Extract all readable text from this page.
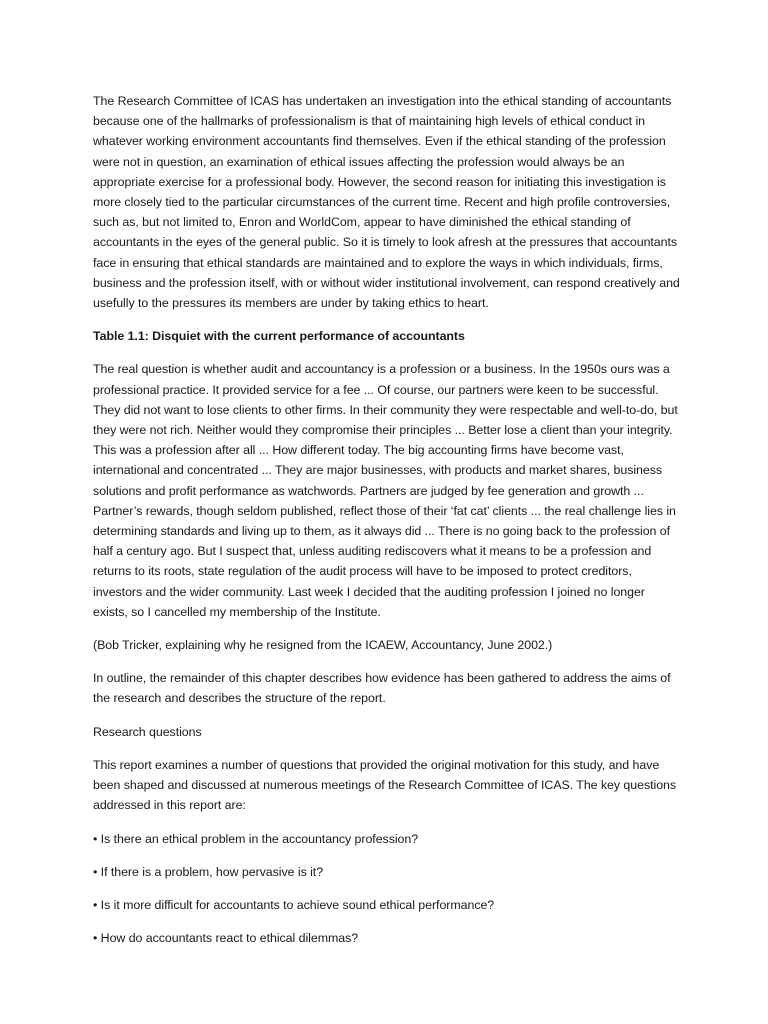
The Research Committee of ICAS has undertaken an investigation into the ethical standing of accountants because one of the hallmarks of professionalism is that of maintaining high levels of ethical conduct in whatever working environment accountants find themselves. Even if the ethical standing of the profession were not in question, an examination of ethical issues affecting the profession would always be an appropriate exercise for a professional body. However, the second reason for initiating this investigation is more closely tied to the particular circumstances of the current time. Recent and high profile controversies, such as, but not limited to, Enron and WorldCom, appear to have diminished the ethical standing of accountants in the eyes of the general public. So it is timely to look afresh at the pressures that accountants face in ensuring that ethical standards are maintained and to explore the ways in which individuals, firms, business and the profession itself, with or without wider institutional involvement, can respond creatively and usefully to the pressures its members are under by taking ethics to heart.

Table 1.1: Disquiet with the current performance of accountants

The real question is whether audit and accountancy is a profession or a business. In the 1950s ours was a professional practice. It provided service for a fee ... Of course, our partners were keen to be successful. They did not want to lose clients to other firms. In their community they were respectable and well-to-do, but they were not rich. Neither would they compromise their principles ... Better lose a client than your integrity. This was a profession after all ... How different today. The big accounting firms have become vast, international and concentrated ... They are major businesses, with products and market shares, business solutions and profit performance as watchwords. Partners are judged by fee generation and growth ... Partner’s rewards, though seldom published, reflect those of their ‘fat cat’ clients ... the real challenge lies in determining standards and living up to them, as it always did ... There is no going back to the profession of half a century ago. But I suspect that, unless auditing rediscovers what it means to be a profession and returns to its roots, state regulation of the audit process will have to be imposed to protect creditors, investors and the wider community. Last week I decided that the auditing profession I joined no longer exists, so I cancelled my membership of the Institute.

(Bob Tricker, explaining why he resigned from the ICAEW, Accountancy, June 2002.)

In outline, the remainder of this chapter describes how evidence has been gathered to address the aims of the research and describes the structure of the report.

Research questions

This report examines a number of questions that provided the original motivation for this study, and have been shaped and discussed at numerous meetings of the Research Committee of ICAS. The key questions addressed in this report are:

• Is there an ethical problem in the accountancy profession?

• If there is a problem, how pervasive is it?

• Is it more difficult for accountants to achieve sound ethical performance?

• How do accountants react to ethical dilemmas?
